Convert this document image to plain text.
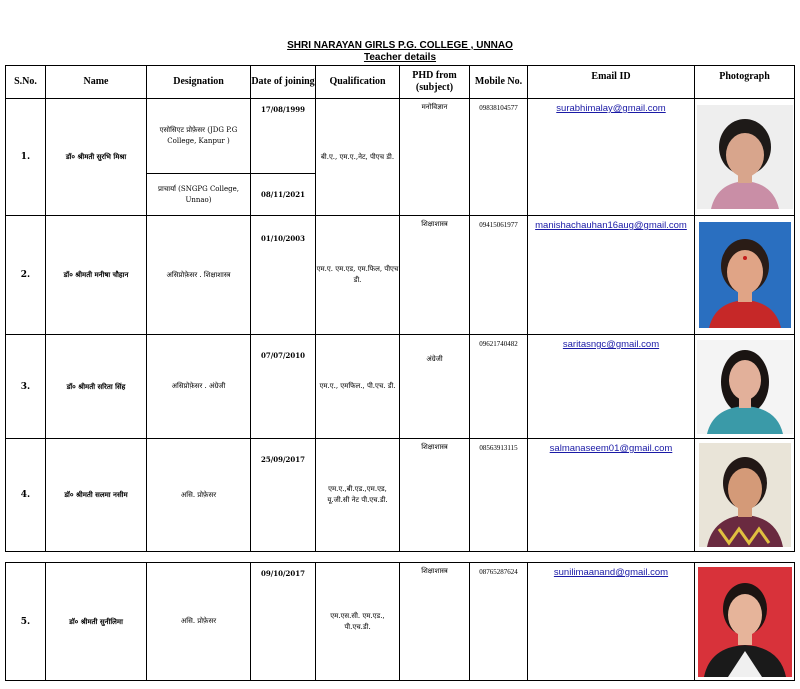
SHRI NARAYAN GIRLS P.G. COLLEGE , UNNAO
Teacher details
S.No.	Name	Designation	Date of joining	Qualification	PHD from (subject)	Mobile No.	Email ID	Photograph
1.	डॉ० श्रीमती सुरभि मिश्रा	एसोसिएट प्रोफ़ेसर (JDG P.G College, Kanpur )	17/08/1999	बी.ए., एम.ए.,नेट, पीएच डी.	मनोविज्ञान	09838104577	surabhimalay@gmail.com	

		प्राचार्या (SNGPG College, Unnao)	08/11/2021					
2.	डॉ० श्रीमती मनीषा चौहान	असिप्रोफ़ेसर . शिक्षाशास्त्र	01/10/2003	एम.ए. एम.एड, एम.फिल, पीएच डी.	शिक्षाशास्त्र	09415061977	manishachauhan16aug@gmail.com	

3.	डॉ० श्रीमती सरिता सिंह	असिप्रोफ़ेसर . अंग्रेजी	07/07/2010	एम.ए., एमफिल., पी.एच. डी.	अंग्रेजी	09621740482	saritasngc@gmail.com	

4.	डॉ० श्रीमती सलमा नसीम	असि. प्रोफ़ेसर	25/09/2017	एम.ए.,बी.एड.,एम.एड, यू.जी.सी नेट पी.एच.डी.	शिक्षाशास्त्र	08563913115	salmanaseem01@gmail.com	
5.	डॉ० श्रीमती सुनीलिमा	असि. प्रोफ़ेसर	09/10/2017	एम.एस.सी. एम.एड., पी.एच.डी.	शिक्षाशास्त्र	08765287624	sunilimaanand@gmail.com	
